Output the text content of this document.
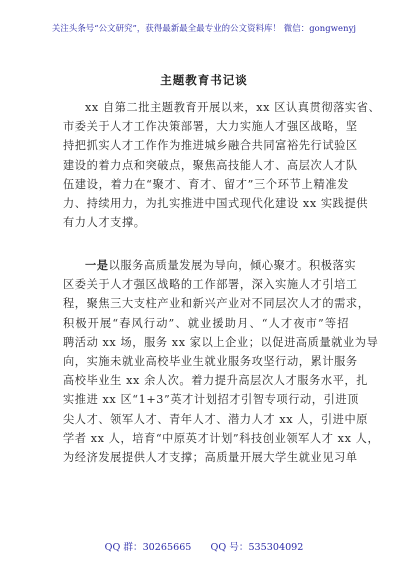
关注头条号“公文研究”，获得最新最全最专业的公文资料库！ 微信：gongwenyj
主题教育书记谈
xx 自第二批主题教育开展以来，xx 区认真贯彻落实省、
市委关于人才工作决策部署，大力实施人才强区战略，坚
持把抓实人才工作作为推进城乡融合共同富裕先行试验区
建设的着力点和突破点，聚焦高技能人才、高层次人才队
伍建设，着力在“聚才、育才、留才”三个环节上精准发
力、持续用力，为扎实推进中国式现代化建设 xx 实践提供
有力人才支撑。
一是以服务高质量发展为导向，倾心聚才。积极落实
区委关于人才强区战略的工作部署，深入实施人才引培工
程，聚焦三大支柱产业和新兴产业对不同层次人才的需求，
积极开展“春风行动”、就业援助月、“人才夜市”等招
聘活动 xx 场，服务 xx 家以上企业；以促进高质量就业为导
向，实施未就业高校毕业生就业服务攻坚行动，累计服务
高校毕业生 xx 余人次。着力提升高层次人才服务水平，扎
实推进 xx 区“1+3”英才计划招才引智专项行动，引进顶
尖人才、领军人才、青年人才、潜力人才 xx 人，引进中原
学者 xx 人，培育“中原英才计划”科技创业领军人才 xx 人，
为经济发展提供人才支撑；高质量开展大学生就业见习单
QQ 群：30265665 QQ 号：535304092
